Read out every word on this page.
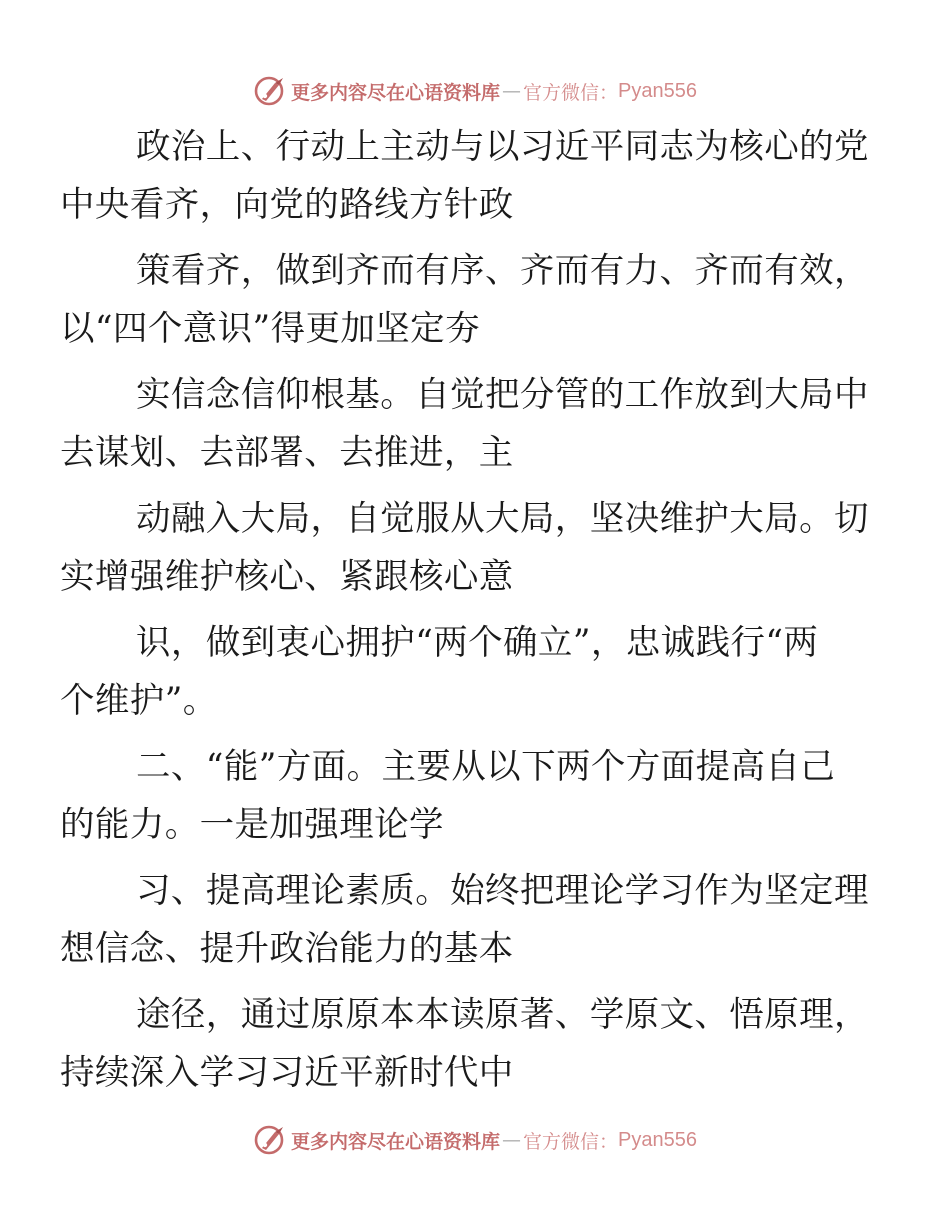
更多内容尽在心语资料库 — 官方微信： Pyan556

政治上、行动上主动与以习近平同志为核心的党
中央看齐，向党的路线方针政

策看齐，做到齐而有序、齐而有力、齐而有效，
以“四个意识”得更加坚定夯

实信念信仰根基。自觉把分管的工作放到大局中
去谋划、去部署、去推进，主

动融入大局，自觉服从大局，坚决维护大局。切
实增强维护核心、紧跟核心意

识，做到衷心拥护“两个确立”，忠诚践行“两
个维护”。

二、“能”方面。主要从以下两个方面提高自己
的能力。一是加强理论学

习、提高理论素质。始终把理论学习作为坚定理
想信念、提升政治能力的基本

途径，通过原原本本读原著、学原文、悟原理，
持续深入学习习近平新时代中

更多内容尽在心语资料库 — 官方微信： Pyan556
